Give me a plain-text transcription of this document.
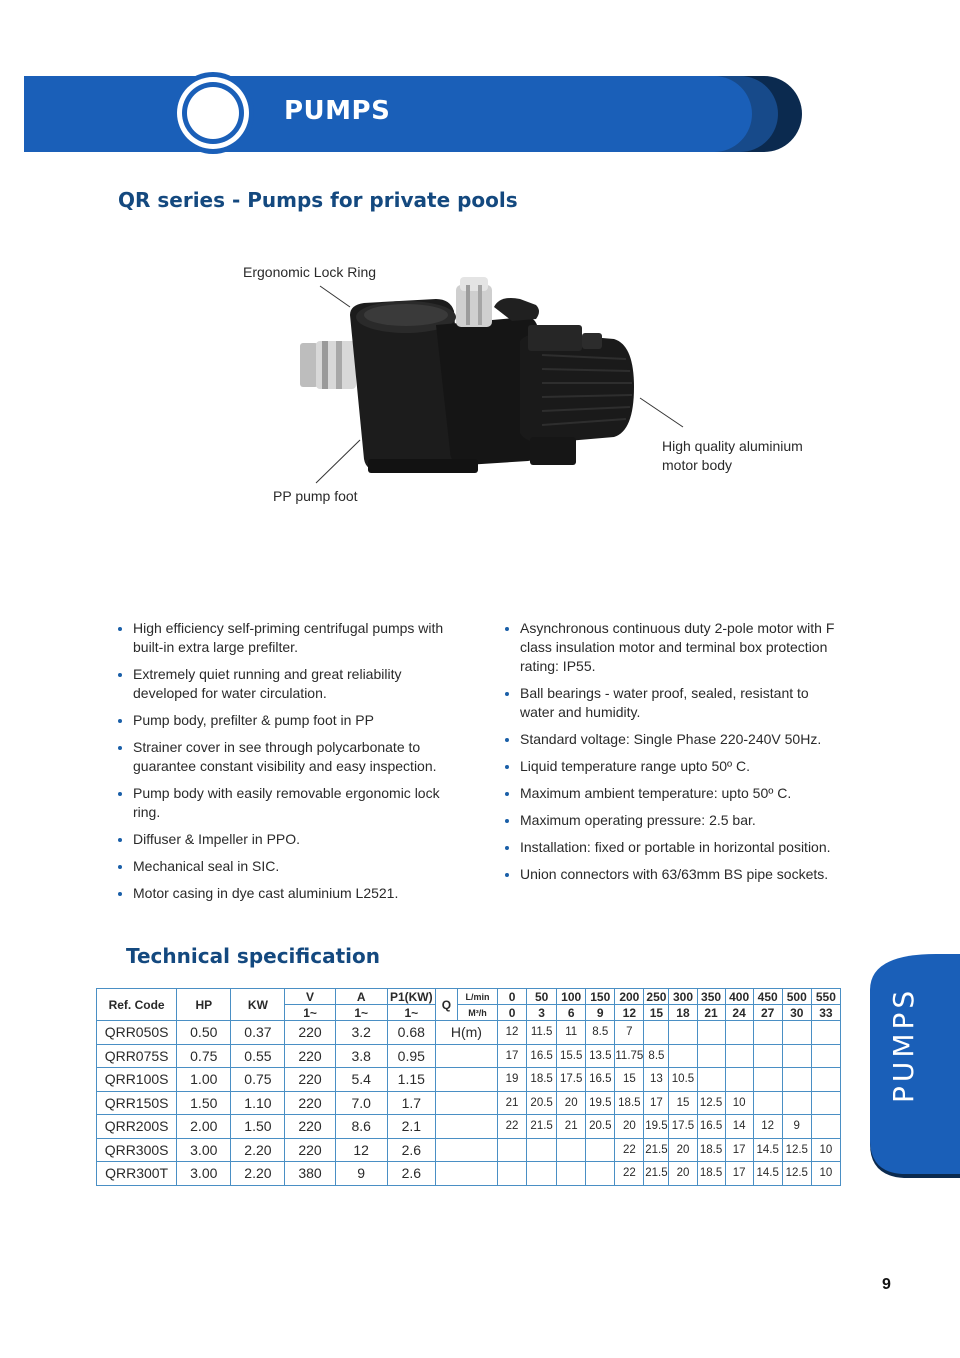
PUMPS
QR series - Pumps for private pools
Ergonomic Lock Ring
High quality aluminium
motor body
PP pump foot
High efficiency self-priming centrifugal pumps with built-in extra large prefilter.
Extremely quiet running and great reliability developed for water circulation.
Pump body, prefilter & pump foot in PP
Strainer cover in see through polycarbonate to guarantee constant visibility and easy inspection.
Pump body with easily removable ergonomic lock ring.
Diffuser & Impeller in PPO.
Mechanical seal in SIC.
Motor casing in dye cast aluminium L2521.
Asynchronous continuous duty 2-pole motor with F class insulation motor and terminal box protection rating: IP55.
Ball bearings - water proof, sealed, resistant to water and humidity.
Standard voltage: Single Phase 220-240V 50Hz.
Liquid temperature range upto 50º C.
Maximum ambient temperature: upto 50º C.
Maximum operating pressure: 2.5 bar.
Installation: fixed or portable in horizontal position.
Union connectors with 63/63mm BS pipe sockets.
Technical specification
Ref. Code	HP	KW	V	A	P1(KW)	Q	L/min	0	50	100	150	200	250	300	350	400	450	500	550
			1~	1~	1~		M³/h	0	3	6	9	12	15	18	21	24	27	30	33
QRR050S	0.50	0.37	220	3.2	0.68	H(m)		12	11.5	11	8.5	7							
QRR075S	0.75	0.55	220	3.8	0.95			17	16.5	15.5	13.5	11.75	8.5						
QRR100S	1.00	0.75	220	5.4	1.15			19	18.5	17.5	16.5	15	13	10.5					
QRR150S	1.50	1.10	220	7.0	1.7			21	20.5	20	19.5	18.5	17	15	12.5	10			
QRR200S	2.00	1.50	220	8.6	2.1			22	21.5	21	20.5	20	19.5	17.5	16.5	14	12	9	
QRR300S	3.00	2.20	220	12	2.6							22	21.5	20	18.5	17	14.5	12.5	10
QRR300T	3.00	2.20	380	9	2.6							22	21.5	20	18.5	17	14.5	12.5	10
PUMPS
9
